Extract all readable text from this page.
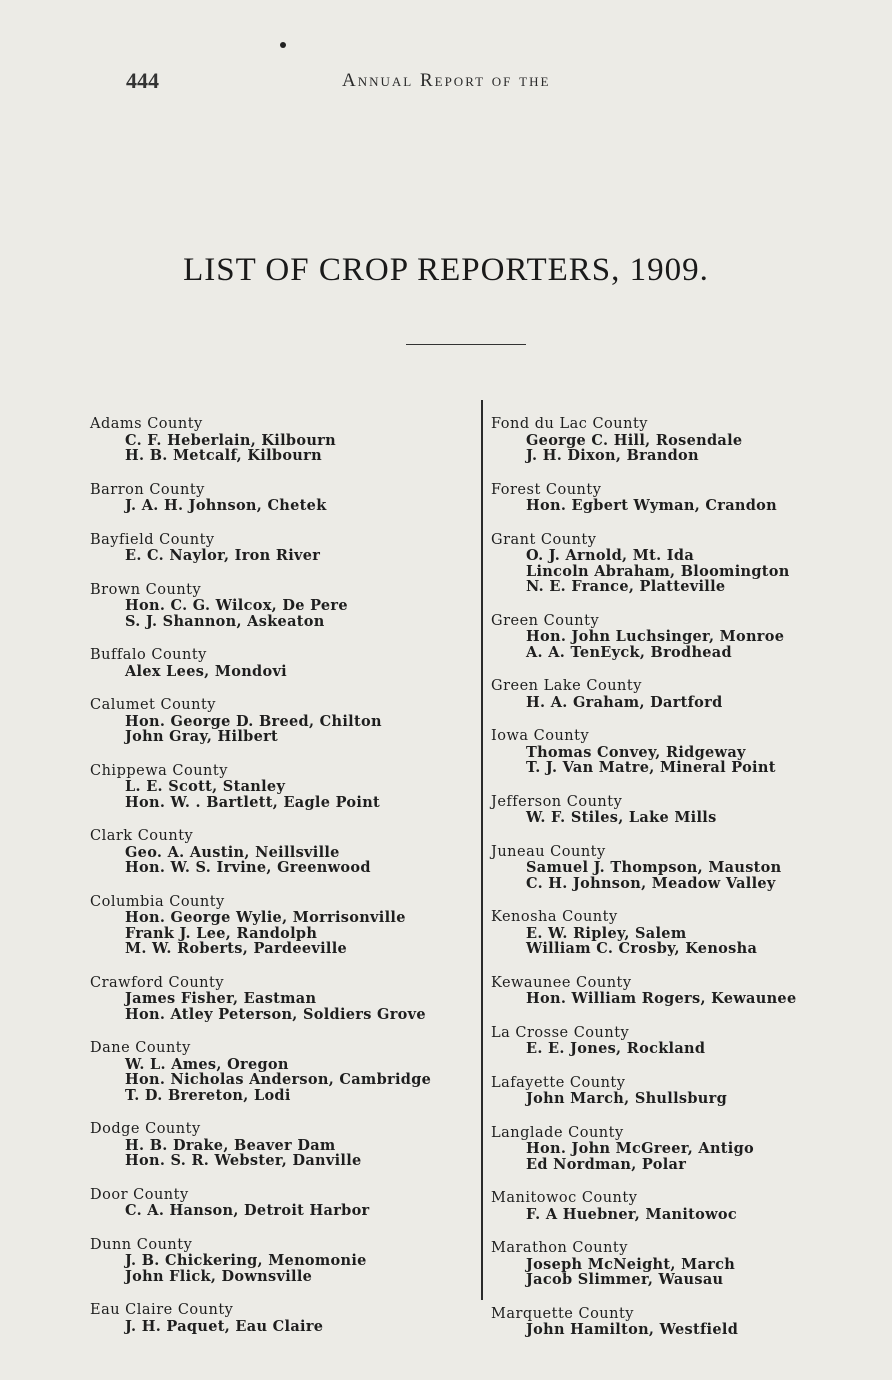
444	Annual Report of the
LIST OF CROP REPORTERS, 1909.
Adams County
C. F. Heberlain, Kilbourn
H. B. Metcalf, Kilbourn
Barron County
J. A. H. Johnson, Chetek
Bayfield County
E. C. Naylor, Iron River
Brown County
Hon. C. G. Wilcox, De Pere
S. J. Shannon, Askeaton
Buffalo County
Alex Lees, Mondovi
Calumet County
Hon. George D. Breed, Chilton
John Gray, Hilbert
Chippewa County
L. E. Scott, Stanley
Hon. W. . Bartlett, Eagle Point
Clark County
Geo. A. Austin, Neillsville
Hon. W. S. Irvine, Greenwood
Columbia County
Hon. George Wylie, Morrisonville
Frank J. Lee, Randolph
M. W. Roberts, Pardeeville
Crawford County
James Fisher, Eastman
Hon. Atley Peterson, Soldiers Grove
Dane County
W. L. Ames, Oregon
Hon. Nicholas Anderson, Cambridge
T. D. Brereton, Lodi
Dodge County
H. B. Drake, Beaver Dam
Hon. S. R. Webster, Danville
Door County
C. A. Hanson, Detroit Harbor
Dunn County
J. B. Chickering, Menomonie
John Flick, Downsville
Eau Claire County
J. H. Paquet, Eau Claire
Fond du Lac County
George C. Hill, Rosendale
J. H. Dixon, Brandon
Forest County
Hon. Egbert Wyman, Crandon
Grant County
O. J. Arnold, Mt. Ida
Lincoln Abraham, Bloomington
N. E. France, Platteville
Green County
Hon. John Luchsinger, Monroe
A. A. TenEyck, Brodhead
Green Lake County
H. A. Graham, Dartford
Iowa County
Thomas Convey, Ridgeway
T. J. Van Matre, Mineral Point
Jefferson County
W. F. Stiles, Lake Mills
Juneau County
Samuel J. Thompson, Mauston
C. H. Johnson, Meadow Valley
Kenosha County
E. W. Ripley, Salem
William C. Crosby, Kenosha
Kewaunee County
Hon. William Rogers, Kewaunee
La Crosse County
E. E. Jones, Rockland
Lafayette County
John March, Shullsburg
Langlade County
Hon. John McGreer, Antigo
Ed Nordman, Polar
Manitowoc County
F. A Huebner, Manitowoc
Marathon County
Joseph McNeight, March
Jacob Slimmer, Wausau
Marquette County
John Hamilton, Westfield
